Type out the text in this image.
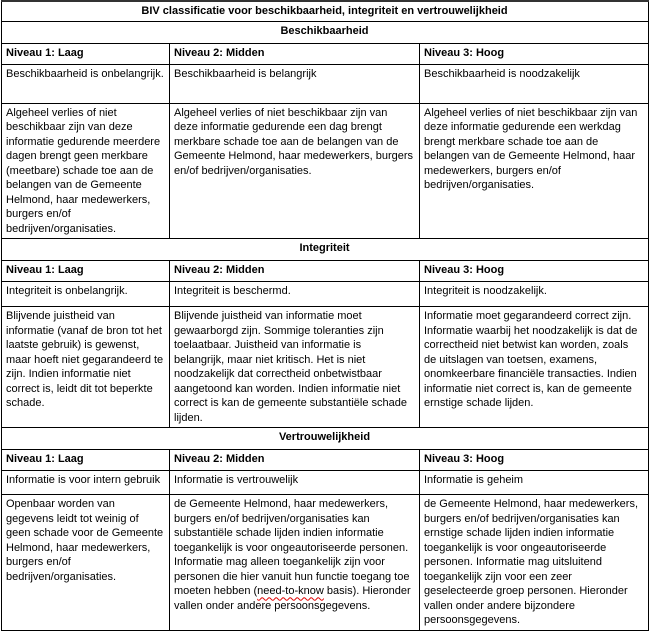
BIV classificatie voor beschikbaarheid, integriteit en vertrouwelijkheid		
Beschikbaarheid		
Niveau 1: Laag	Niveau 2: Midden	Niveau 3: Hoog
Beschikbaarheid is onbelangrijk.	Beschikbaarheid is belangrijk	Beschikbaarheid is noodzakelijk
Algeheel verlies of niet beschikbaar zijn van deze informatie gedurende meerdere dagen brengt geen merkbare (meetbare) schade toe aan de belangen van de Gemeente Helmond, haar medewerkers, burgers en/of bedrijven/organisaties.	Algeheel verlies of niet beschikbaar zijn van deze informatie gedurende een dag brengt merkbare schade toe aan de belangen van de Gemeente Helmond, haar medewerkers, burgers en/of bedrijven/organisaties.	Algeheel verlies of niet beschikbaar zijn van deze informatie gedurende een werkdag brengt merkbare schade toe aan de belangen van de Gemeente Helmond, haar medewerkers, burgers en/of bedrijven/organisaties.
Integriteit		
Niveau 1: Laag	Niveau 2: Midden	Niveau 3: Hoog
Integriteit is onbelangrijk.	Integriteit is beschermd.	Integriteit is noodzakelijk.
Blijvende juistheid van informatie (vanaf de bron tot het laatste gebruik) is gewenst, maar hoeft niet gegarandeerd te zijn. Indien informatie niet correct is, leidt dit tot beperkte schade.	Blijvende juistheid van informatie moet gewaarborgd zijn. Sommige toleranties zijn toelaatbaar. Juistheid van informatie is belangrijk, maar niet kritisch. Het is niet noodzakelijk dat correctheid onbetwistbaar aangetoond kan worden. Indien informatie niet correct is kan de gemeente substantiële schade lijden.	Informatie moet gegarandeerd correct zijn. Informatie waarbij het noodzakelijk is dat de correctheid niet betwist kan worden, zoals de uitslagen van toetsen, examens, onomkeerbare financiële transacties. Indien informatie niet correct is, kan de gemeente ernstige schade lijden.
Vertrouwelijkheid		
Niveau 1: Laag	Niveau 2: Midden	Niveau 3: Hoog
Informatie is voor intern gebruik	Informatie is vertrouwelijk	Informatie is geheim
Openbaar worden van gegevens leidt tot weinig of geen schade voor de Gemeente Helmond, haar medewerkers, burgers en/of bedrijven/organisaties.	de Gemeente Helmond, haar medewerkers, burgers en/of bedrijven/organisaties kan substantiële schade lijden indien informatie toegankelijk is voor ongeautoriseerde personen. Informatie mag alleen toegankelijk zijn voor personen die hier vanuit hun functie toegang toe moeten hebben (need-to-know basis). Hieronder vallen onder andere persoonsgegevens.	de Gemeente Helmond, haar medewerkers, burgers en/of bedrijven/organisaties kan ernstige schade lijden indien informatie toegankelijk is voor ongeautoriseerde personen. Informatie mag uitsluitend toegankelijk zijn voor een zeer geselecteerde groep personen. Hieronder vallen onder andere bijzondere persoonsgegevens.
